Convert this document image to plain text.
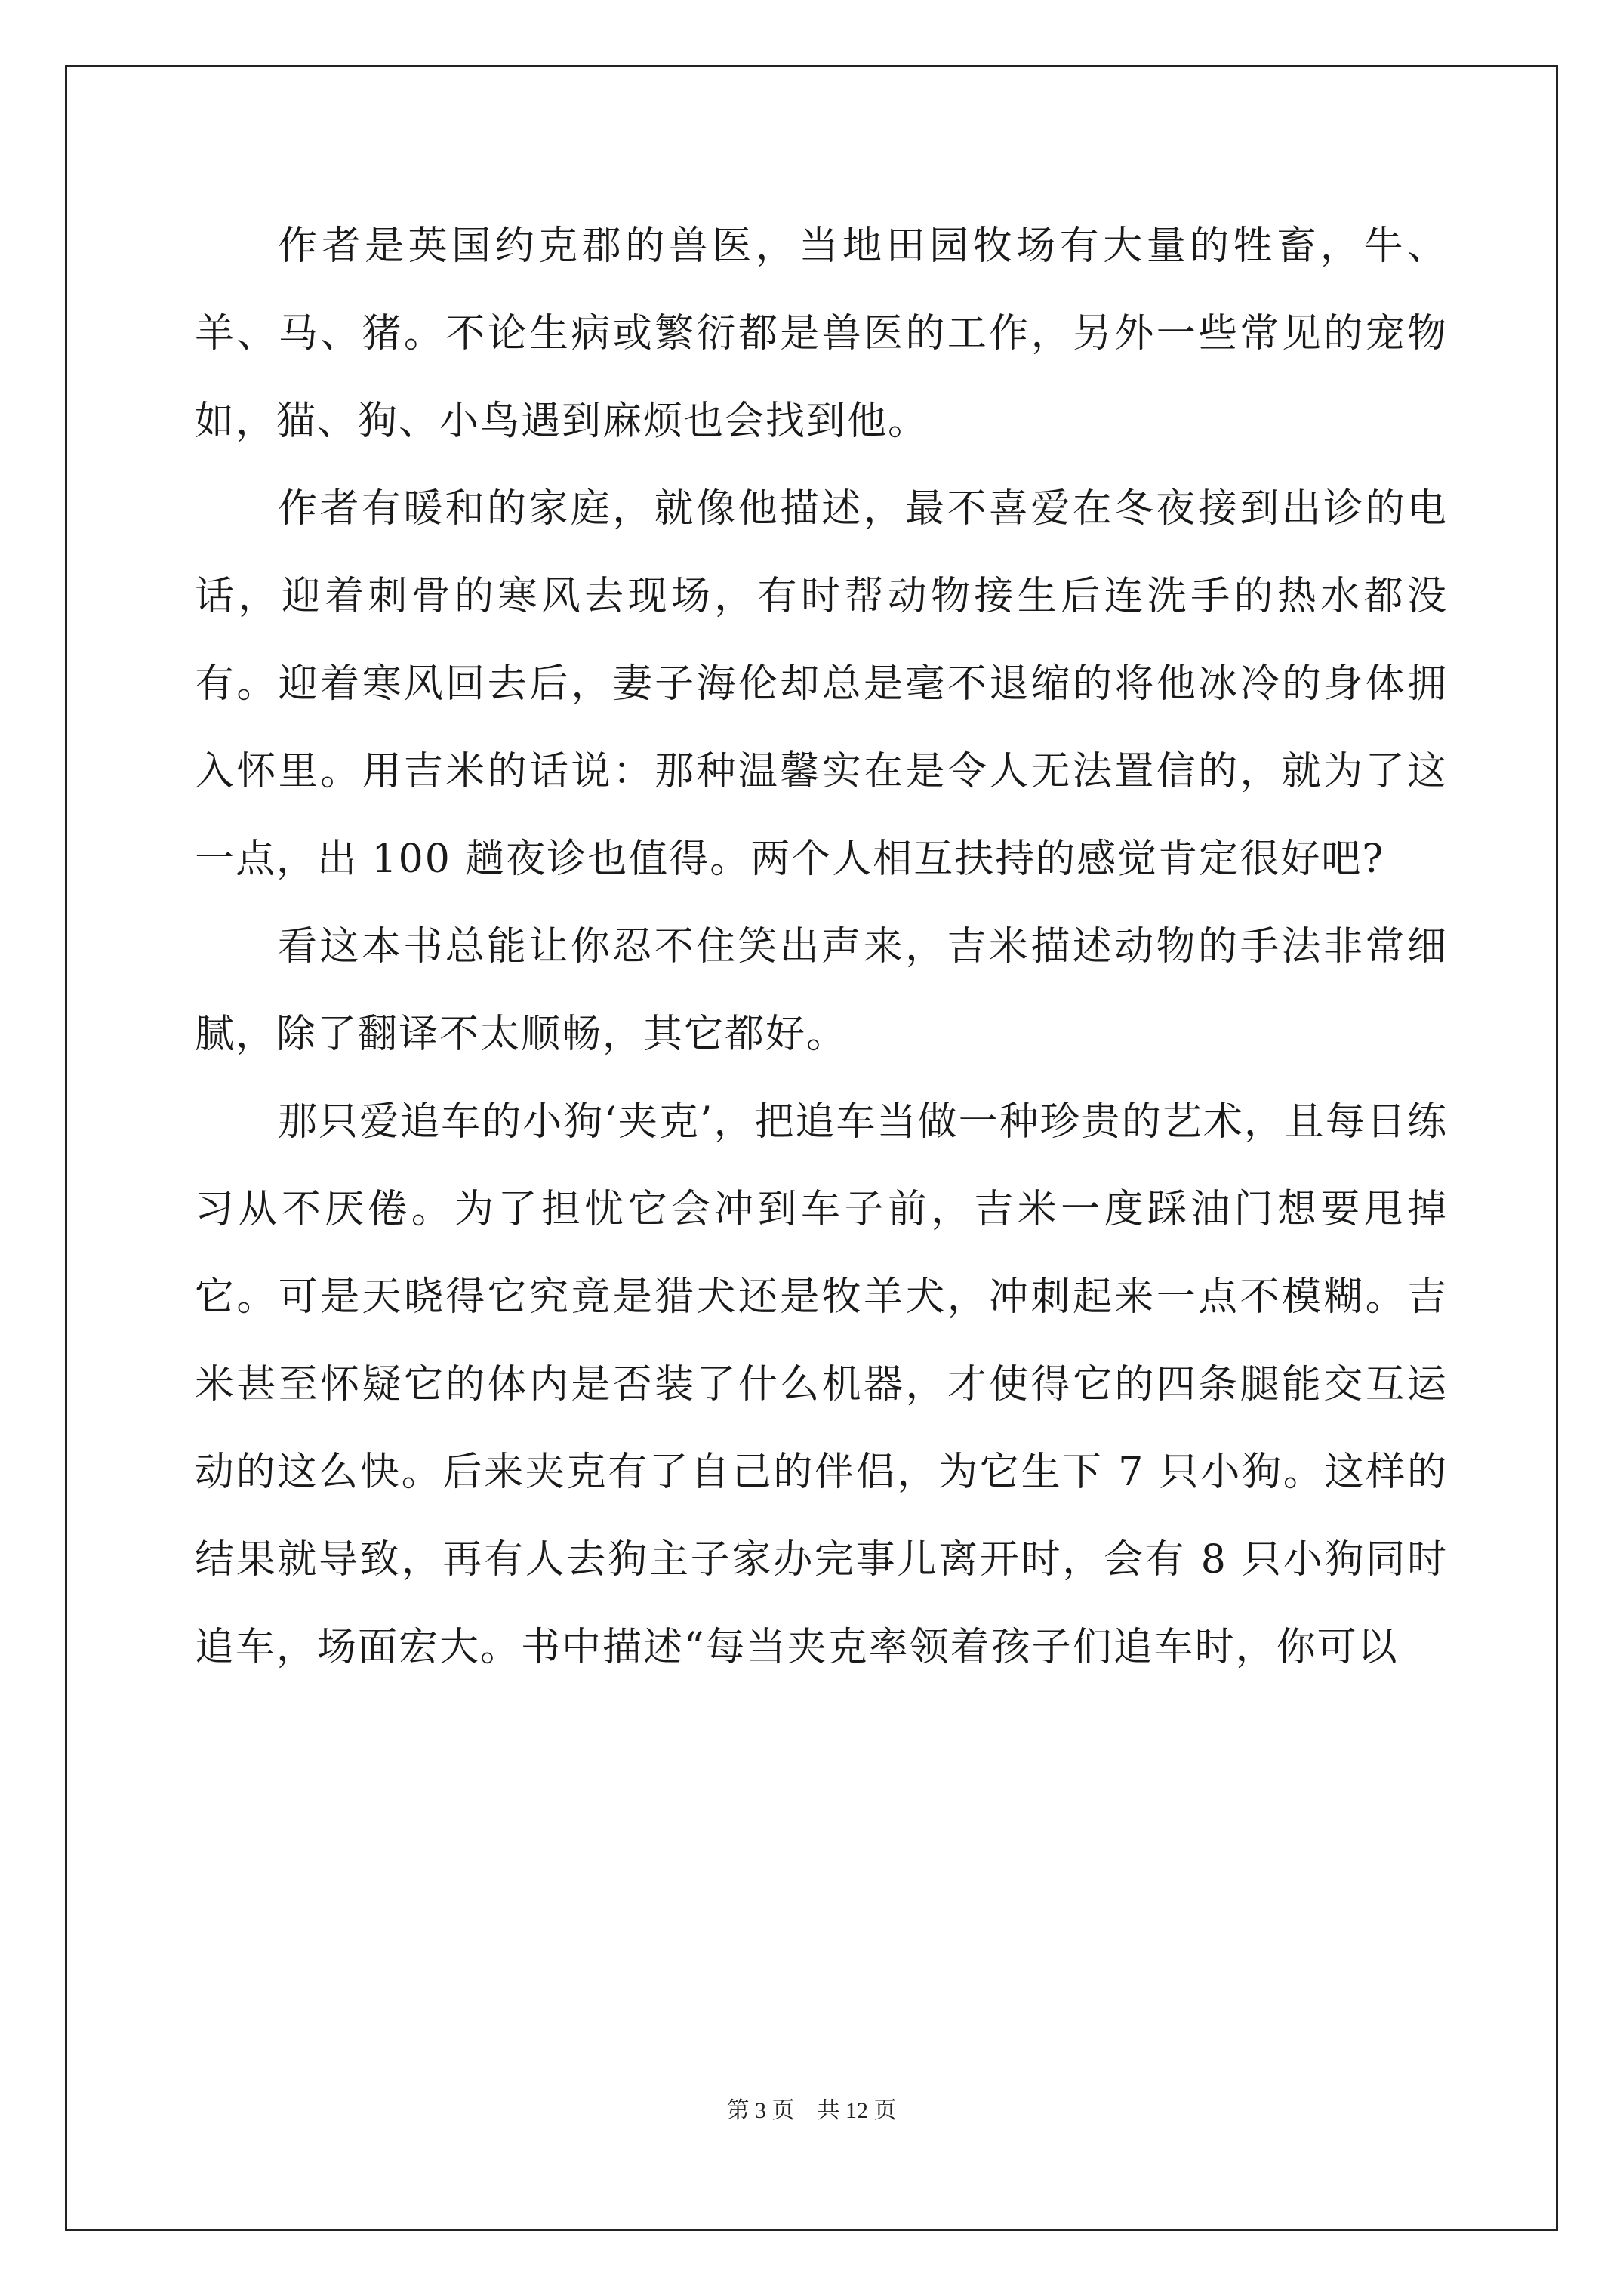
作者是英国约克郡的兽医，当地田园牧场有大量的牲畜，牛、羊、马、猪。不论生病或繁衍都是兽医的工作，另外一些常见的宠物如，猫、狗、小鸟遇到麻烦也会找到他。

作者有暖和的家庭，就像他描述，最不喜爱在冬夜接到出诊的电话，迎着刺骨的寒风去现场，有时帮动物接生后连洗手的热水都没有。迎着寒风回去后，妻子海伦却总是毫不退缩的将他冰冷的身体拥入怀里。用吉米的话说：那种温馨实在是令人无法置信的，就为了这一点，出 100 趟夜诊也值得。两个人相互扶持的感觉肯定很好吧?

看这本书总能让你忍不住笑出声来，吉米描述动物的手法非常细腻，除了翻译不太顺畅，其它都好。

那只爱追车的小狗‘夹克’，把追车当做一种珍贵的艺术，且每日练习从不厌倦。为了担忧它会冲到车子前，吉米一度踩油门想要甩掉它。可是天晓得它究竟是猎犬还是牧羊犬，冲刺起来一点不模糊。吉米甚至怀疑它的体内是否装了什么机器，才使得它的四条腿能交互运动的这么快。后来夹克有了自己的伴侣，为它生下 7 只小狗。这样的结果就导致，再有人去狗主子家办完事儿离开时，会有 8 只小狗同时追车，场面宏大。书中描述“每当夹克率领着孩子们追车时，你可以

第 3 页　共 12 页
